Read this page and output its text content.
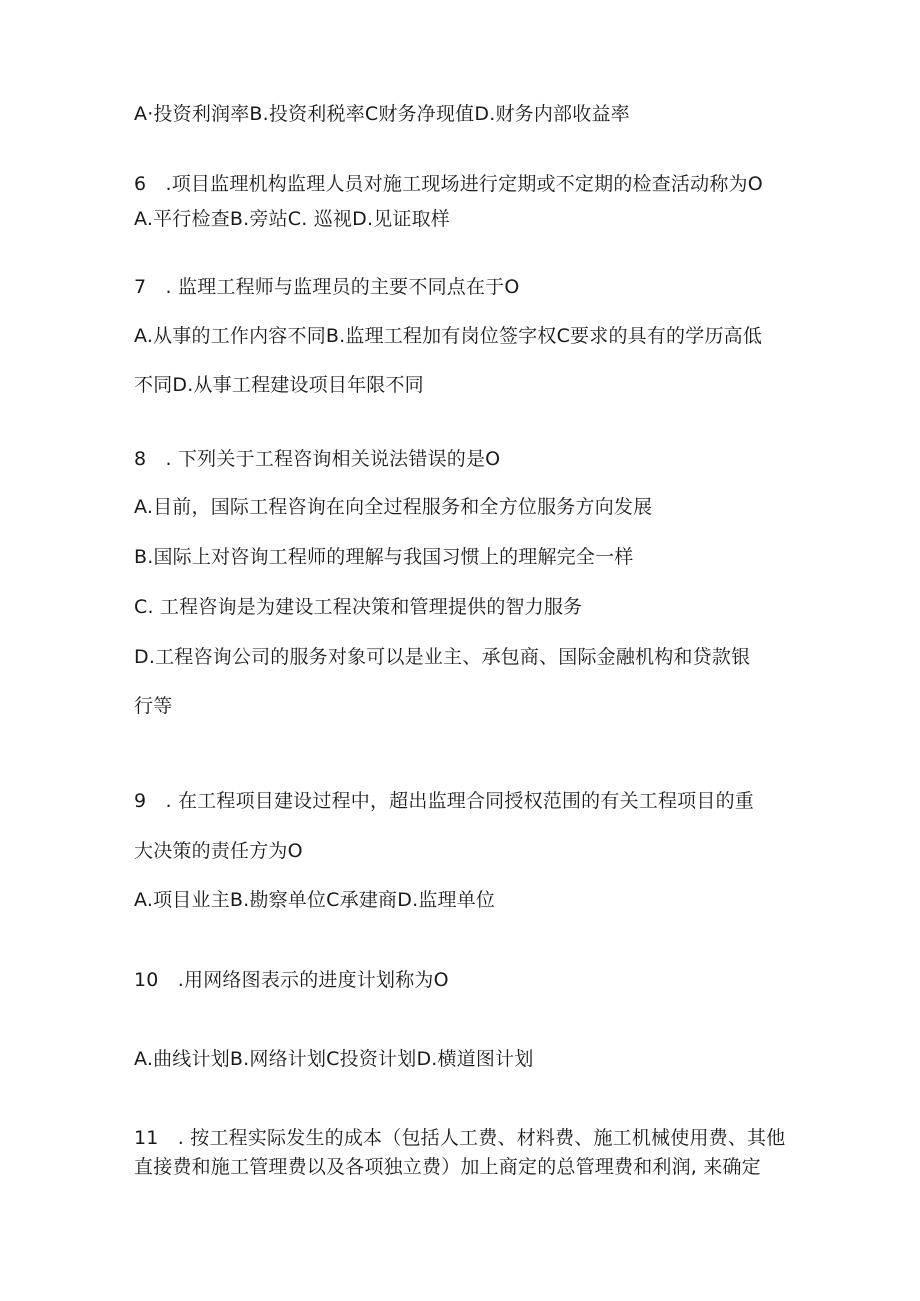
A·投资利润率B.投资利税率C财务净现值D.财务内部收益率
6　.项目监理机构监理人员对施工现场进行定期或不定期的检查活动称为O
A.平行检查B.旁站C. 巡视D.见证取样
7　. 监理工程师与监理员的主要不同点在于O
A.从事的工作内容不同B.监理工程加有岗位签字权C要求的具有的学历高低
不同D.从事工程建设项目年限不同
8　. 下列关于工程咨询相关说法错误的是O
A.目前，国际工程咨询在向全过程服务和全方位服务方向发展
B.国际上对咨询工程师的理解与我国习惯上的理解完全一样
C. 工程咨询是为建设工程决策和管理提供的智力服务
D.工程咨询公司的服务对象可以是业主、承包商、国际金融机构和贷款银
行等
9　. 在工程项目建设过程中，超出监理合同授权范围的有关工程项目的重
大决策的责任方为O
A.项目业主B.勘察单位C承建商D.监理单位
10　.用网络图表示的进度计划称为O
A.曲线计划B.网络计划C投资计划D.横道图计划
11　. 按工程实际发生的成本（包括人工费、材料费、施工机械使用费、其他
直接费和施工管理费以及各项独立费）加上商定的总管理费和利润, 来确定
